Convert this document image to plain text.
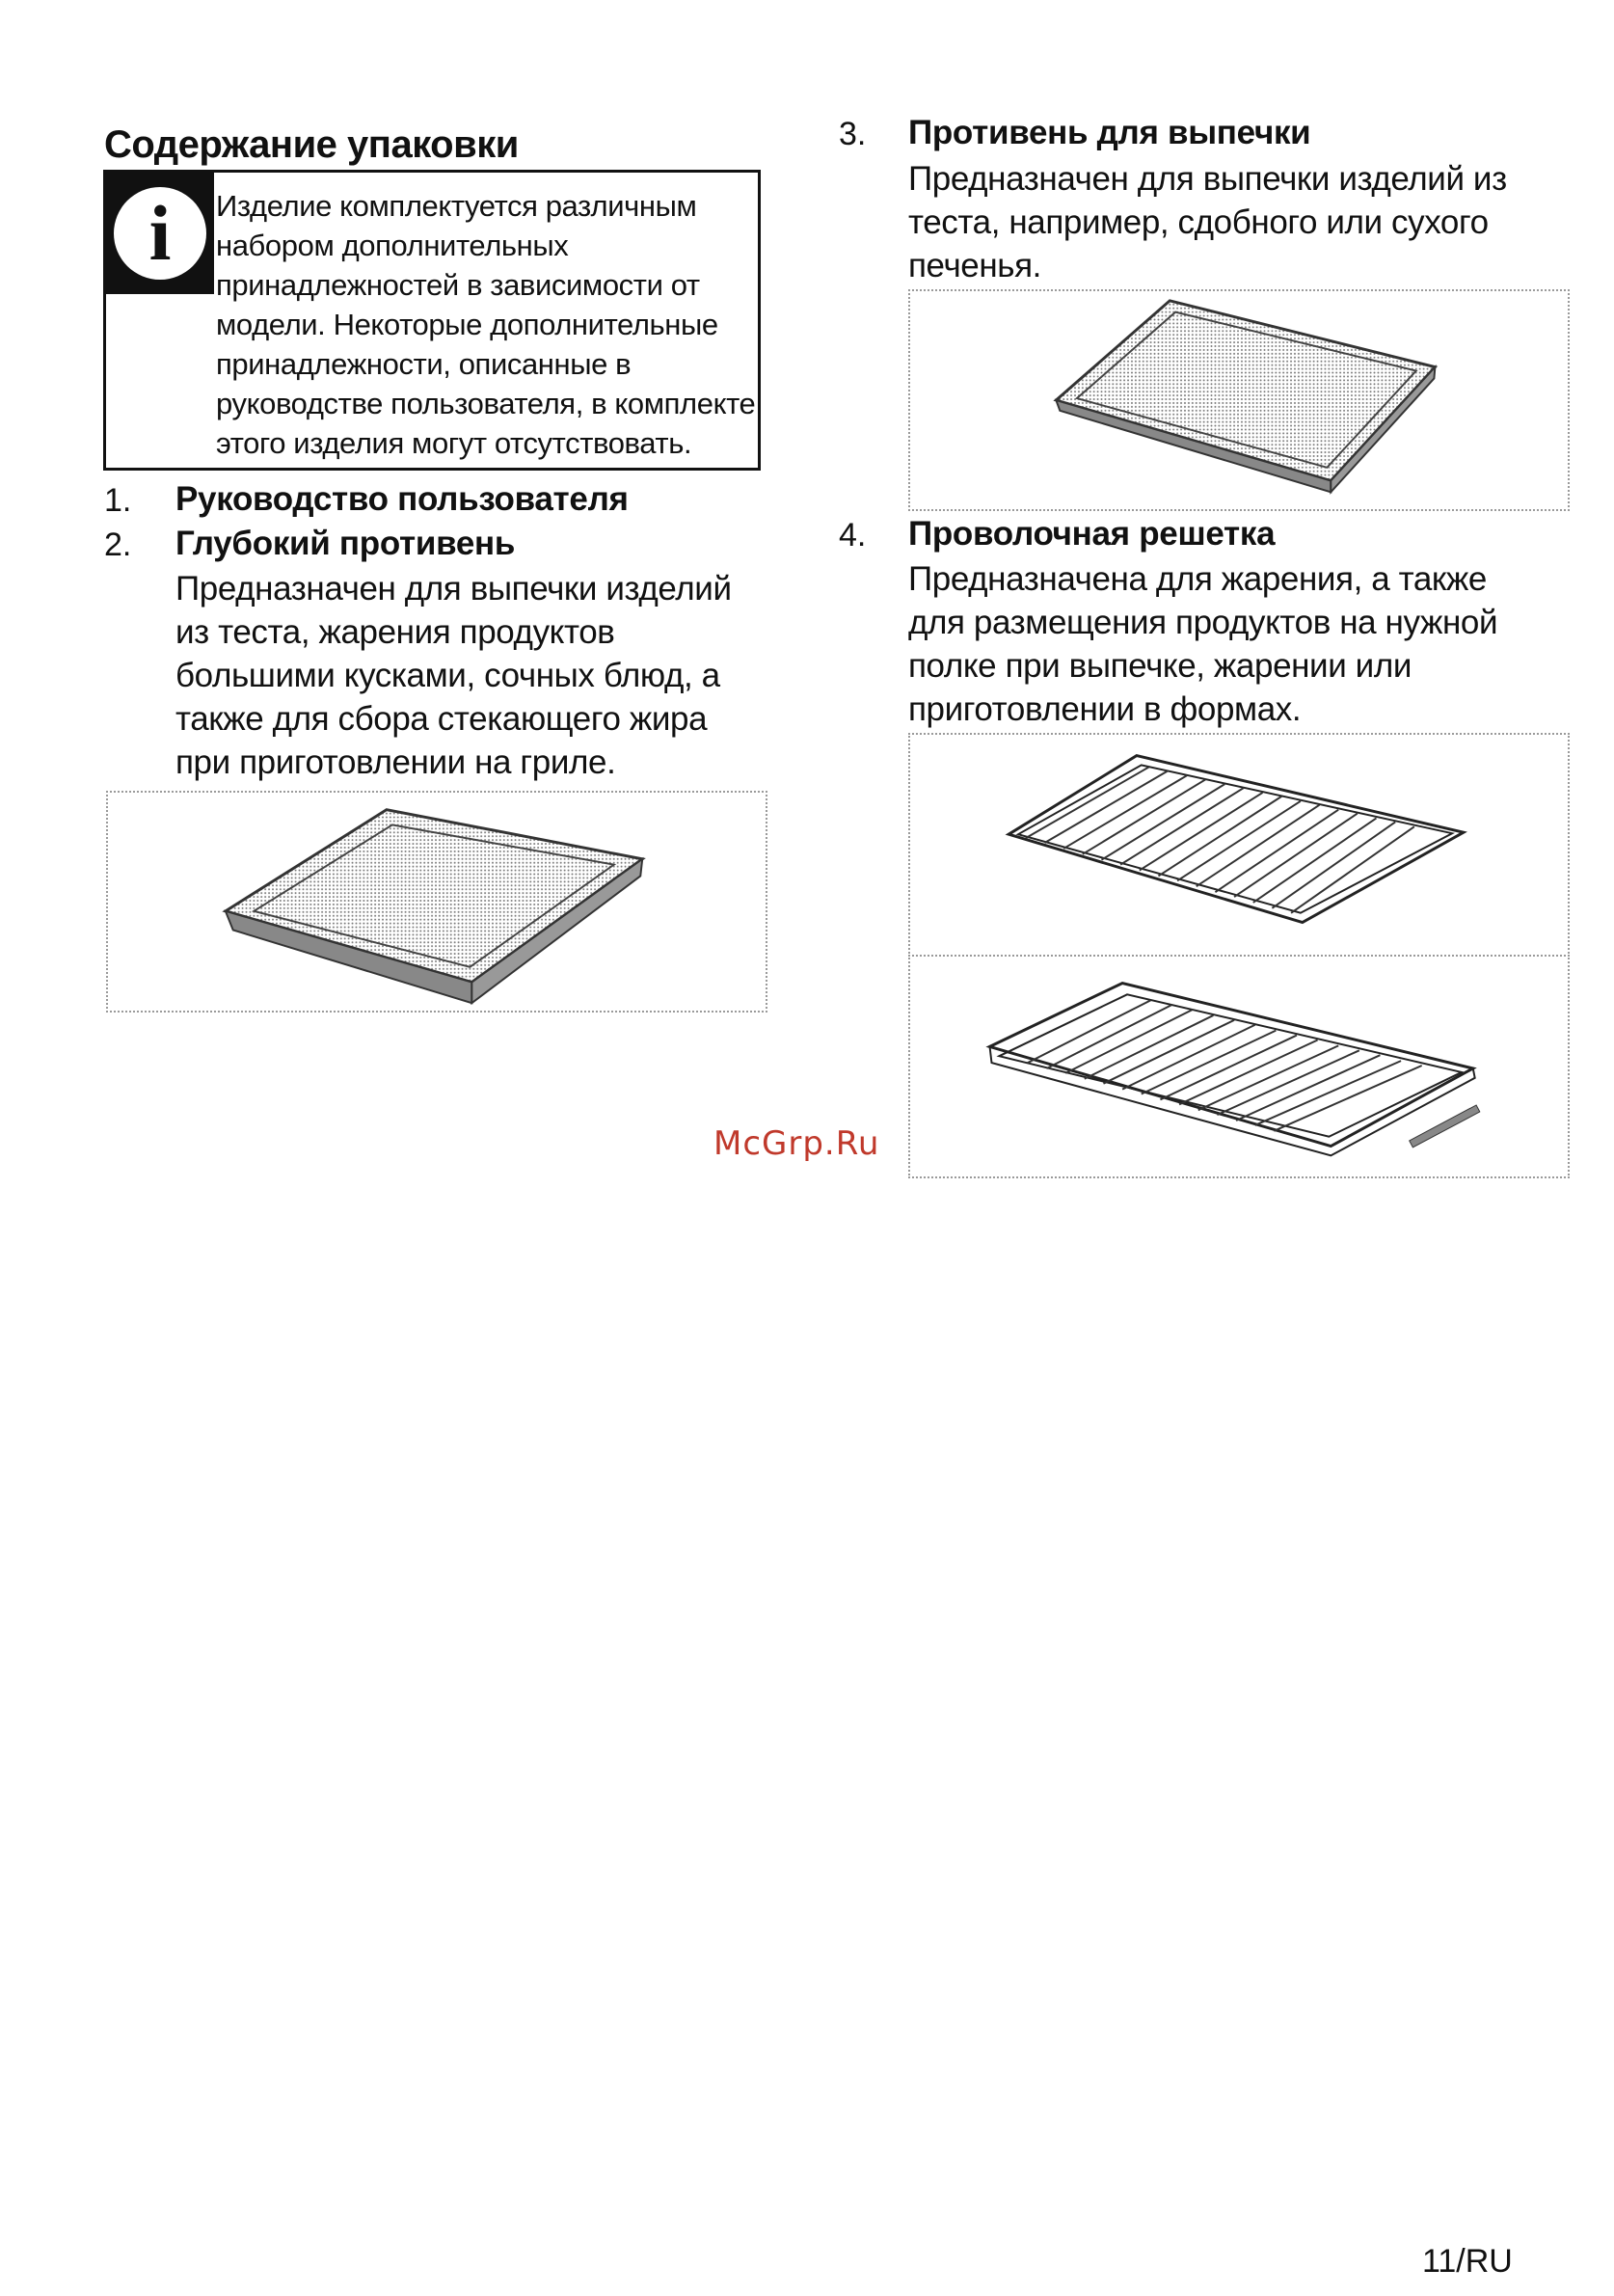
Содержание упаковки
i	Изделие комплектуется различным набором дополнительных принадлежностей в зависимости от модели. Некоторые дополнительные принадлежности, описанные в руководстве пользователя, в комплекте этого изделия могут отсутствовать.
1. Руководство пользователя
2. Глубокий противень
Предназначен для выпечки изделий из теста, жарения продуктов большими кусками, сочных блюд, а также для сбора стекающего жира при приготовлении на гриле.
3. Противень для выпечки
Предназначен для выпечки изделий из теста, например, сдобного или сухого печенья.
4. Проволочная решетка
Предназначена для жарения, а также для размещения продуктов на нужной полке при выпечке, жарении или приготовлении в формах.
McGrp.Ru
11/RU
